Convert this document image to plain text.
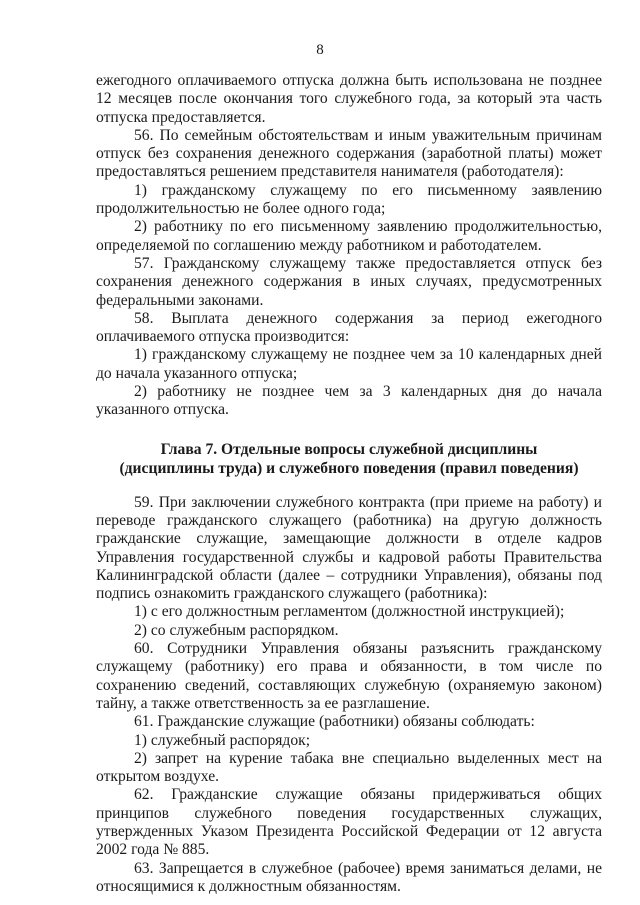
8

ежегодного оплачиваемого отпуска должна быть использована не позднее 12 месяцев после окончания того служебного года, за который эта часть отпуска предоставляется.

56. По семейным обстоятельствам и иным уважительным причинам отпуск без сохранения денежного содержания (заработной платы) может предоставляться решением представителя нанимателя (работодателя):

1) гражданскому служащему по его письменному заявлению продолжительностью не более одного года;

2) работнику по его письменному заявлению продолжительностью, определяемой по соглашению между работником и работодателем.

57. Гражданскому служащему также предоставляется отпуск без сохранения денежного содержания в иных случаях, предусмотренных федеральными законами.

58. Выплата денежного содержания за период ежегодного оплачиваемого отпуска производится:

1) гражданскому служащему не позднее чем за 10 календарных дней до начала указанного отпуска;

2) работнику не позднее чем за 3 календарных дня до начала указанного отпуска.

Глава 7. Отдельные вопросы служебной дисциплины
(дисциплины труда) и служебного поведения (правил поведения)

59. При заключении служебного контракта (при приеме на работу) и переводе гражданского служащего (работника) на другую должность гражданские служащие, замещающие должности в отделе кадров Управления государственной службы и кадровой работы Правительства Калининградской области (далее – сотрудники Управления), обязаны под подпись ознакомить гражданского служащего (работника):

1) с его должностным регламентом (должностной инструкцией);

2) со служебным распорядком.

60. Сотрудники Управления обязаны разъяснить гражданскому служащему (работнику) его права и обязанности, в том числе по сохранению сведений, составляющих служебную (охраняемую законом) тайну, а также ответственность за ее разглашение.

61. Гражданские служащие (работники) обязаны соблюдать:

1) служебный распорядок;

2) запрет на курение табака вне специально выделенных мест на открытом воздухе.

62. Гражданские служащие обязаны придерживаться общих принципов служебного поведения государственных служащих, утвержденных Указом Президента Российской Федерации от 12 августа 2002 года № 885.

63. Запрещается в служебное (рабочее) время заниматься делами, не относящимися к должностным обязанностям.
